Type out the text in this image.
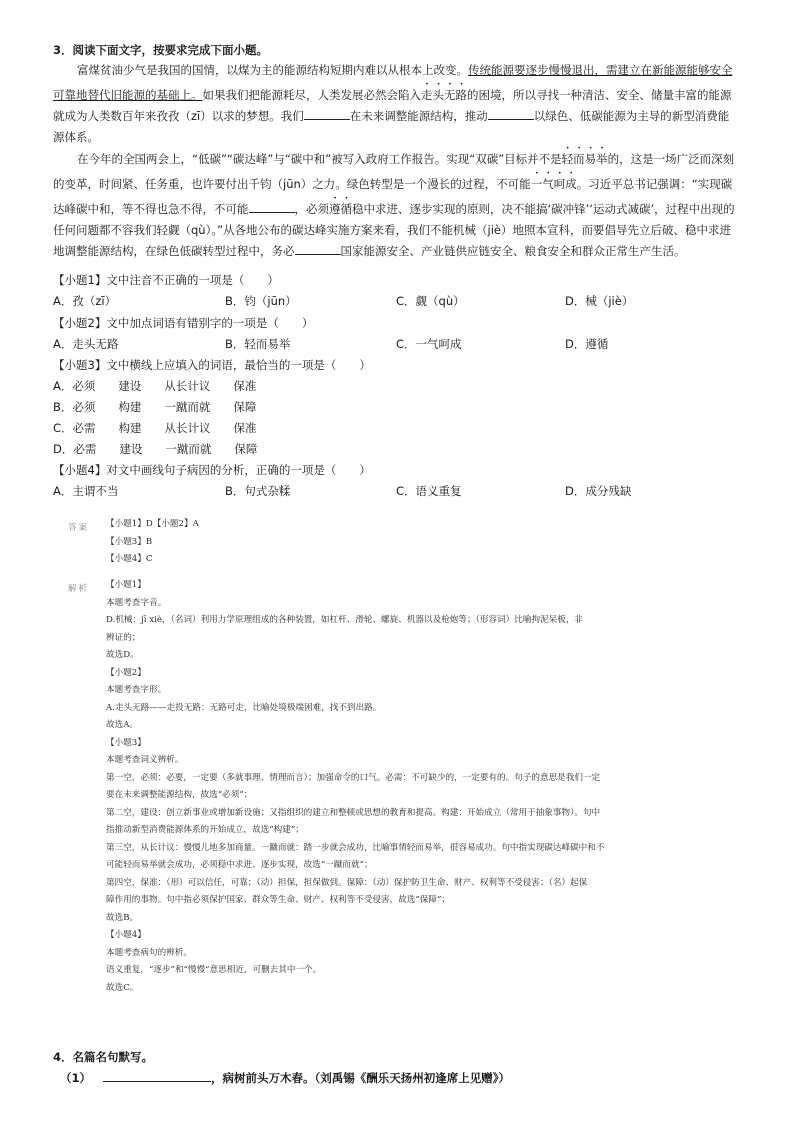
3．阅读下面文字，按要求完成下面小题。
富煤贫油少气是我国的国情，以煤为主的能源结构短期内难以从根本上改变。传统能源要逐步慢慢退出，需建立在新能源能够安全可靠地替代旧能源的基础上。如果我们把能源耗尽，人类发展必然会陷入走头无路的困境，所以寻找一种清洁、安全、储量丰富的能源就成为人类数百年来孜孜（zī）以求的梦想。我们	在未来调整能源结构，推动	以绿色、低碳能源为主导的新型消费能源体系。
在今年的全国两会上，“低碳”“碳达峰”与“碳中和”被写入政府工作报告。实现“双碳”目标并不是轻而易举的，这是一场广泛而深刻的变革，时间紧、任务重，也许要付出千钧（jūn）之力。绿色转型是一个漫长的过程，不可能一气呵成。习近平总书记强调：“实现碳达峰碳中和，等不得也急不得，不可能	，必须遵循稳中求进、逐步实现的原则，决不能搞‘碳冲锋’‘运动式减碳’，过程中出现的任何问题都不容我们轻觑（qù）。”从各地公布的碳达峰实施方案来看，我们不能机械（jiè）地照本宣科，而要倡导先立后破、稳中求进地调整能源结构，在绿色低碳转型过程中，务必	国家能源安全、产业链供应链安全、粮食安全和群众正常生产生活。
【小题1】文中注音不正确的一项是（　　）
A．孜（zī）	B．钧（jūn）	C．觑（qù）	D．械（jiè）
【小题2】文中加点词语有错别字的一项是（　　）
A．走头无路	B．轻而易举	C．一气呵成	D．遵循
【小题3】文中横线上应填入的词语，最恰当的一项是（　　）
A．必须　　建设　　从长计议　　保准
B．必须　　构建　　一蹴而就　　保障
C．必需　　构建　　从长计议　　保准
D．必需　　建设　　一蹴而就　　保障
【小题4】对文中画线句子病因的分析，正确的一项是（　　）
A．主谓不当	B．句式杂糅	C．语义重复	D．成分残缺
答案 【小题1】D【小题2】A
【小题3】B
【小题4】C
解析 【小题1】
本题考查字音。
D.机械：jī xiè，（名词）利用力学原理组成的各种装置，如杠杆、滑轮、螺旋、机器以及枪炮等；（形容词）比喻拘泥呆板，非
辨证的；
故选D。
【小题2】
本题考查字形。
A.走头无路——走投无路：无路可走，比喻处境极端困难，找不到出路。
故选A。
【小题3】
本题考查词义辨析。
第一空，必须：必要，一定要（多就事理、情理而言）；加强命令的口气。必需：不可缺少的，一定要有的。句子的意思是我们一定
要在未来调整能源结构，故选“必须”；
第二空，建设：创立新事业或增加新设施；又指组织的建立和整顿或思想的教育和提高。构建：开始成立（常用于抽象事物）。句中
指推动新型消费能源体系的开始成立，故选“构建”；
第三空，从长计议：慢慢儿地多加商量。一蹴而就：踏一步就会成功，比喻事情轻而易举，很容易成功。句中指实现碳达峰碳中和不
可能轻而易举就会成功，必须稳中求进、逐步实现，故选“一蹴而就”；
第四空，保准：（形）可以信任，可靠；（动）担保，担保做到。保障：（动）保护防卫生命、财产、权利等不受侵害；（名）起保
障作用的事物。句中指必须保护国家、群众等生命、财产、权利等不受侵害，故选“保障”；
故选B。
【小题4】
本题考查病句的辨析。
语义重复，“逐步”和“慢慢”意思相近，可删去其中一个。
故选C。
4．名篇名句默写。
（1）	，病树前头万木春。（刘禹锡《酬乐天扬州初逢席上见赠》）
